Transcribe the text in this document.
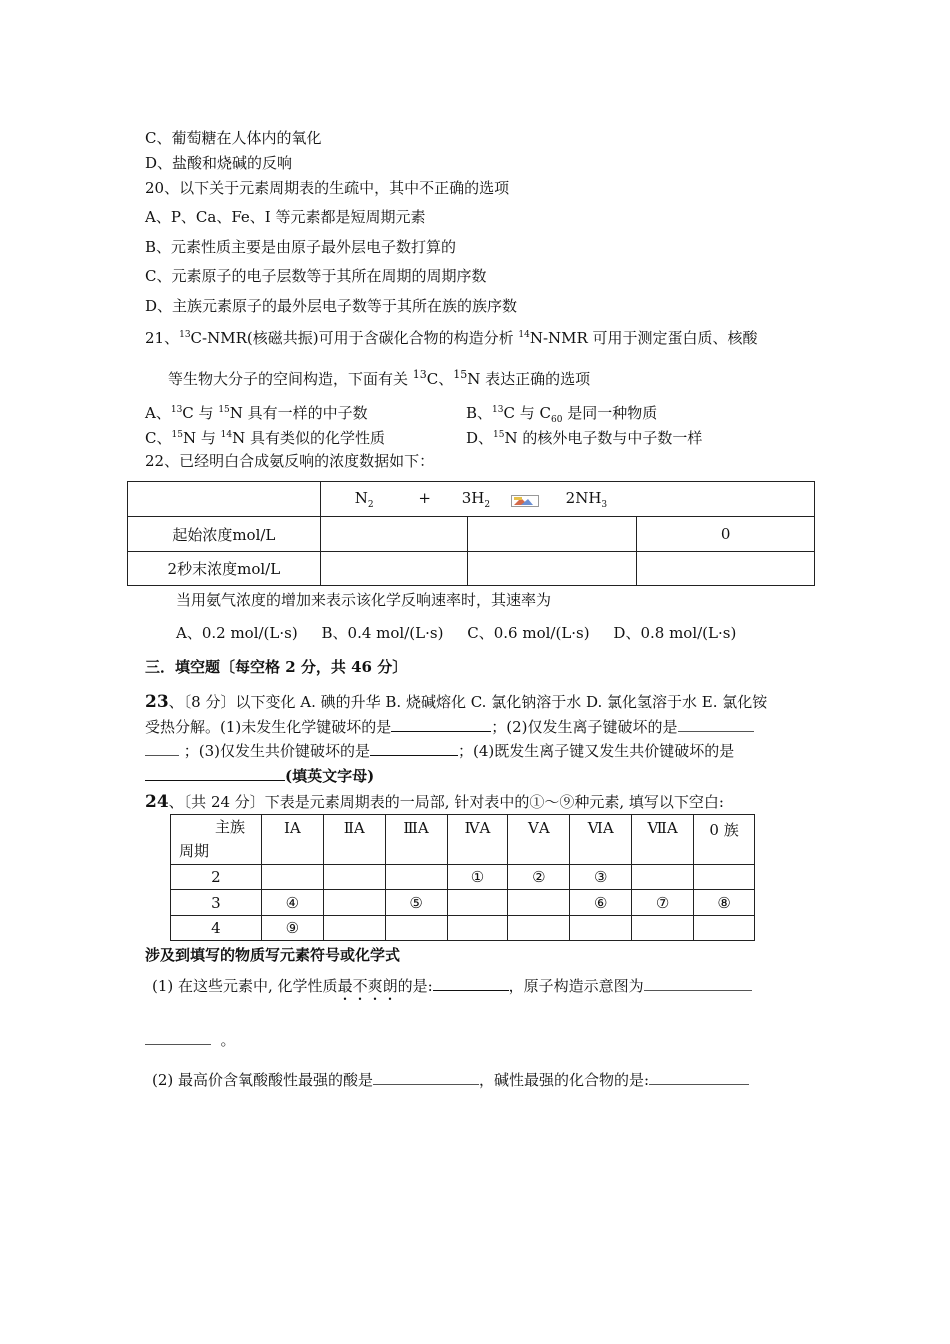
C、葡萄糖在人体内的氧化
D、盐酸和烧碱的反响
20、以下关于元素周期表的生疏中，其中不正确的选项
A、P、Ca、Fe、I 等元素都是短周期元素
B、元素性质主要是由原子最外层电子数打算的
C、元素原子的电子层数等于其所在周期的周期序数
D、主族元素原子的最外层电子数等于其所在族的族序数
21、$^{13}$C-NMR(核磁共振)可用于含碳化合物的构造分析 $^{14}$N-NMR 可用于测定蛋白质、核酸
等生物大分子的空间构造，下面有关 $^{13}$C、$^{15}$N 表达正确的选项
A、$^{13}$C 与 $^{15}$N 具有一样的中子数	B、$^{13}$C 与 $C_{60}$ 是同一种物质
C、$^{15}$N 与 $^{14}$N 具有类似的化学性质	D、$^{15}$N 的核外电子数与中子数一样
22、已经明白合成氨反响的浓度数据如下：
	$N_2 + 3H_2$ $2NH_3$
起始浓度mol/L			0
2秒末浓度mol/L			
当用氨气浓度的增加来表示该化学反响速率时，其速率为
A、0.2 mol/(L·s)     B、0.4 mol/(L·s)     C、0.6 mol/(L·s)     D、0.8 mol/(L·s)
三．填空题〔每空格 2 分，共 46 分〕
23、〔8 分〕以下变化 A. 碘的升华 B. 烧碱熔化 C. 氯化钠溶于水 D. 氯化氢溶于水 E. 氯化铵
受热分解。(1)未发生化学键破坏的是	；(2)仅发生离子键破坏的是
；(3)仅发生共价键破坏的是	；(4)既发生离子键又发生共价键破坏的是
(填英文字母)
24、〔共 24 分〕下表是元素周期表的一局部, 针对表中的①～⑨种元素, 填写以下空白:
主族
周期	ⅠA	ⅡA	ⅢA	ⅣA	ⅤA	ⅥA	ⅦA	0 族
2				①	②	③		
3	④		⑤			⑥	⑦	⑧
4	⑨							
涉及到填写的物质写元素符号或化学式
(1) 在这些元素中, 化学性质最不爽朗的是:	，原子构造示意图为
。
(2) 最高价含氧酸酸性最强的酸是	，碱性最强的化合物的是:
